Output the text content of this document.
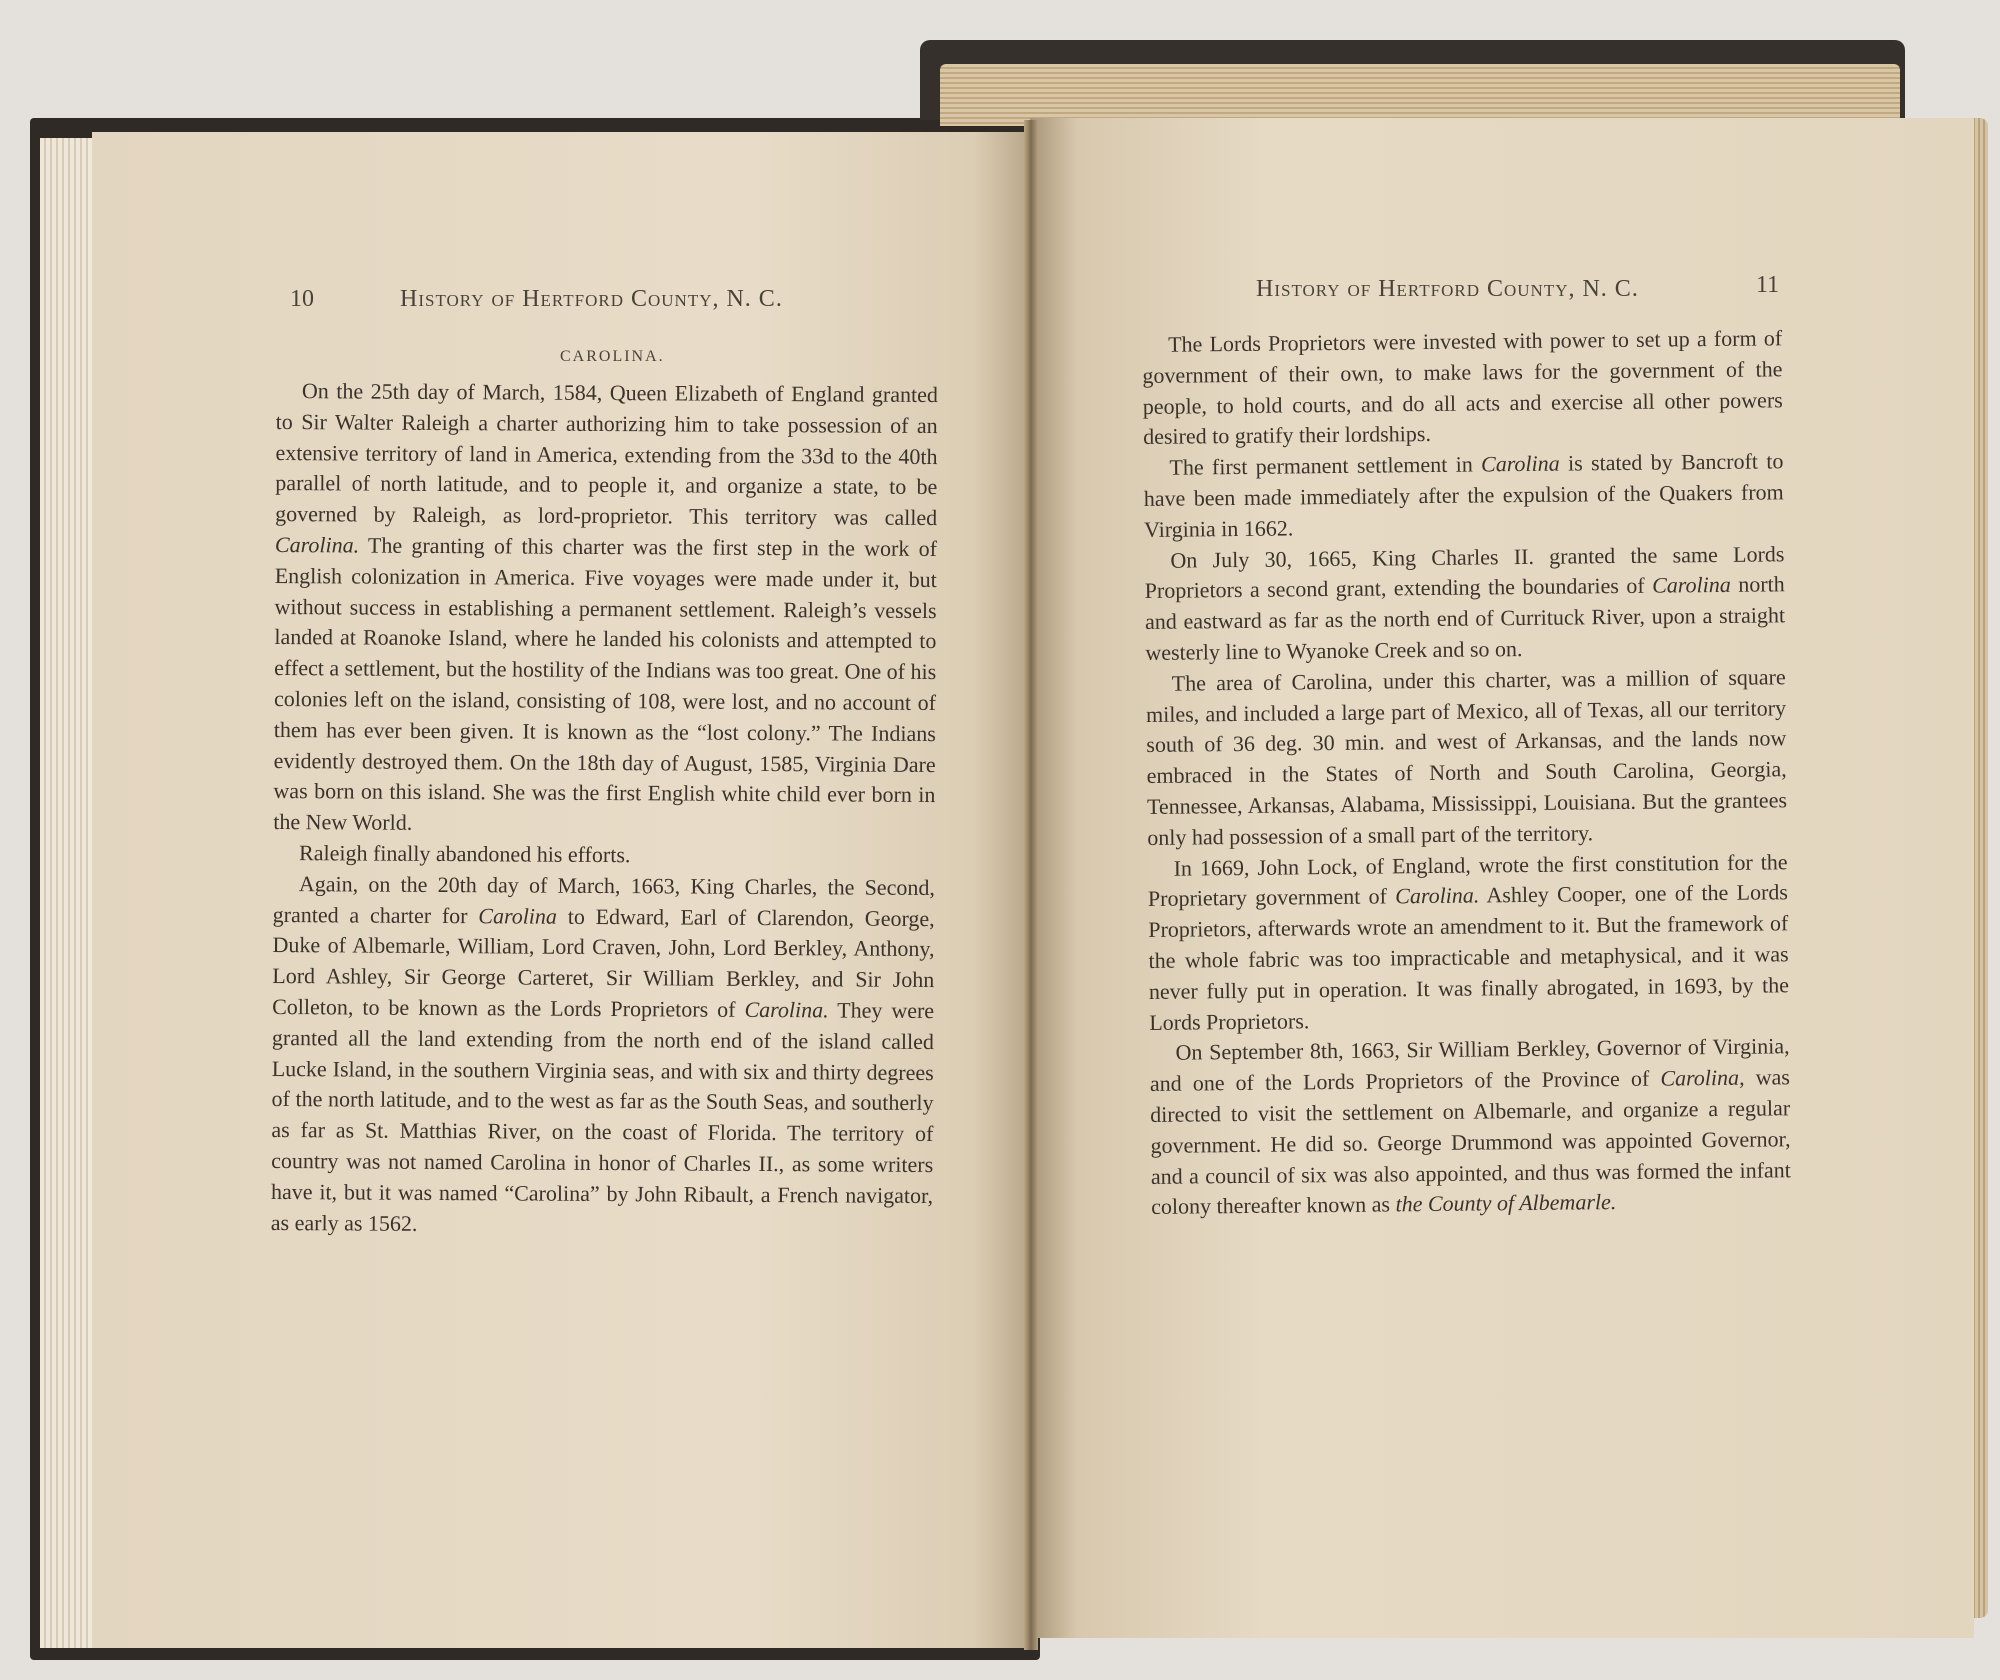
10	History of Hertford County, N. C.
CAROLINA.

On the 25th day of March, 1584, Queen Elizabeth of England granted to Sir Walter Raleigh a charter authorizing him to take possession of an extensive territory of land in America, extending from the 33d to the 40th parallel of north latitude, and to people it, and organize a state, to be governed by Raleigh, as lord-proprietor. This territory was called Carolina. The granting of this charter was the first step in the work of English colonization in America. Five voyages were made under it, but without success in establishing a permanent settlement. Raleigh’s vessels landed at Roanoke Island, where he landed his colonists and attempted to effect a settlement, but the hostility of the Indians was too great. One of his colonies left on the island, consisting of 108, were lost, and no account of them has ever been given. It is known as the “lost colony.” The Indians evidently destroyed them. On the 18th day of August, 1585, Virginia Dare was born on this island. She was the first English white child ever born in the New World.

Raleigh finally abandoned his efforts.

Again, on the 20th day of March, 1663, King Charles, the Second, granted a charter for Carolina to Edward, Earl of Clarendon, George, Duke of Albemarle, William, Lord Craven, John, Lord Berkley, Anthony, Lord Ashley, Sir George Carteret, Sir William Berkley, and Sir John Colleton, to be known as the Lords Proprietors of Carolina. They were granted all the land extending from the north end of the island called Lucke Island, in the southern Virginia seas, and with six and thirty degrees of the north latitude, and to the west as far as the South Seas, and southerly as far as St. Matthias River, on the coast of Florida. The territory of country was not named Carolina in honor of Charles II., as some writers have it, but it was named “Carolina” by John Ribault, a French navigator, as early as 1562.

History of Hertford County, N. C.	11

The Lords Proprietors were invested with power to set up a form of government of their own, to make laws for the government of the people, to hold courts, and do all acts and exercise all other powers desired to gratify their lordships.

The first permanent settlement in Carolina is stated by Bancroft to have been made immediately after the expulsion of the Quakers from Virginia in 1662.

On July 30, 1665, King Charles II. granted the same Lords Proprietors a second grant, extending the boundaries of Carolina north and eastward as far as the north end of Currituck River, upon a straight westerly line to Wyanoke Creek and so on.

The area of Carolina, under this charter, was a million of square miles, and included a large part of Mexico, all of Texas, all our territory south of 36 deg. 30 min. and west of Arkansas, and the lands now embraced in the States of North and South Carolina, Georgia, Tennessee, Arkansas, Alabama, Mississippi, Louisiana. But the grantees only had possession of a small part of the territory.

In 1669, John Lock, of England, wrote the first constitution for the Proprietary government of Carolina. Ashley Cooper, one of the Lords Proprietors, afterwards wrote an amendment to it. But the framework of the whole fabric was too impracticable and metaphysical, and it was never fully put in operation. It was finally abrogated, in 1693, by the Lords Proprietors.

On September 8th, 1663, Sir William Berkley, Governor of Virginia, and one of the Lords Proprietors of the Province of Carolina, was directed to visit the settlement on Albemarle, and organize a regular government. He did so. George Drummond was appointed Governor, and a council of six was also appointed, and thus was formed the infant colony thereafter known as the County of Albemarle.
